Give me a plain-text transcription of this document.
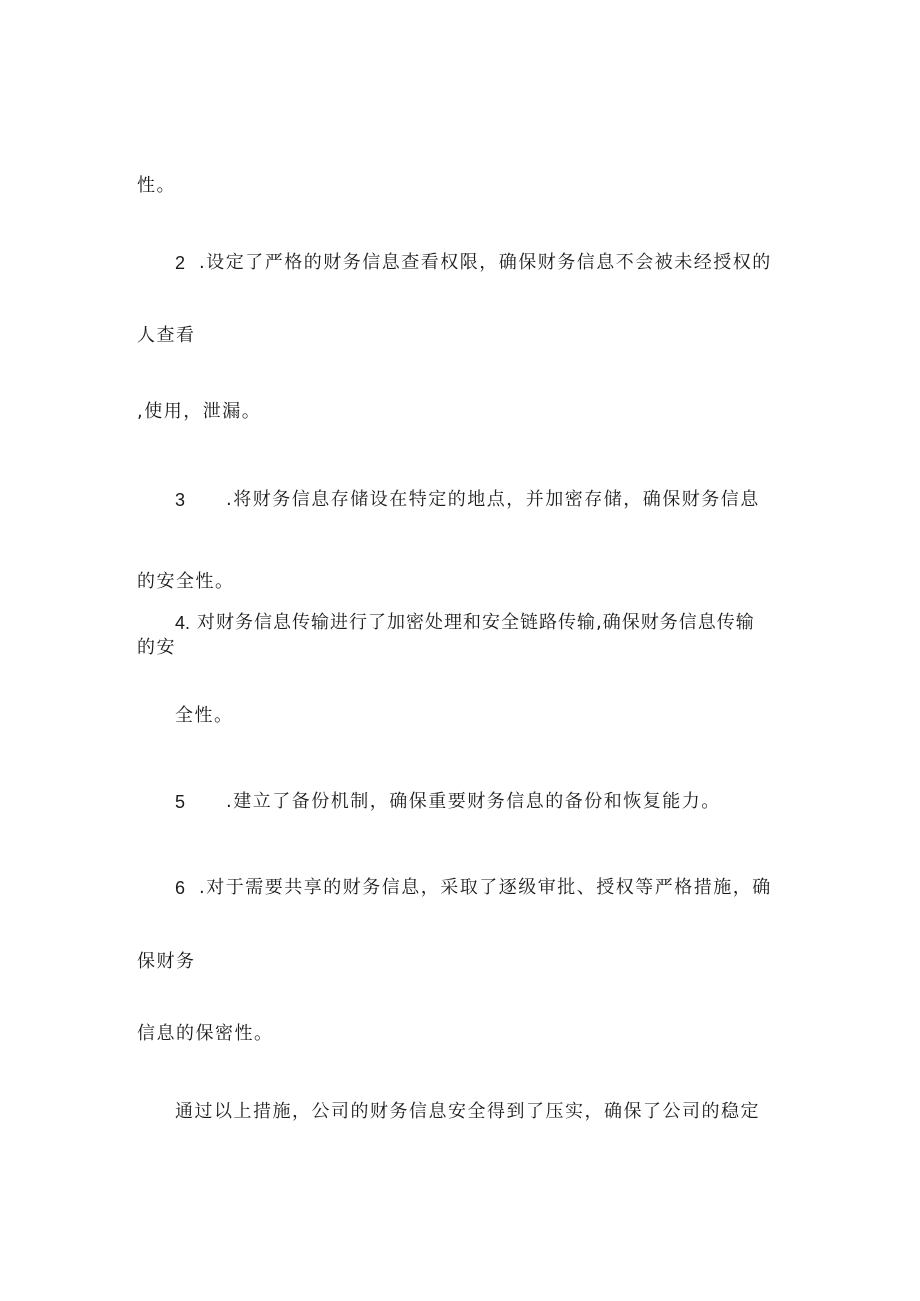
性。
2 .设定了严格的财务信息查看权限，确保财务信息不会被未经授权的
人查看
,使用，泄漏。
3 .将财务信息存储设在特定的地点，并加密存储，确保财务信息
的安全性。
4. 对财务信息传输进行了加密处理和安全链路传输,确保财务信息传输
的安
全性。
5 .建立了备份机制，确保重要财务信息的备份和恢复能力。
6 .对于需要共享的财务信息，采取了逐级审批、授权等严格措施，确
保财务
信息的保密性。
通过以上措施，公司的财务信息安全得到了压实，确保了公司的稳定
